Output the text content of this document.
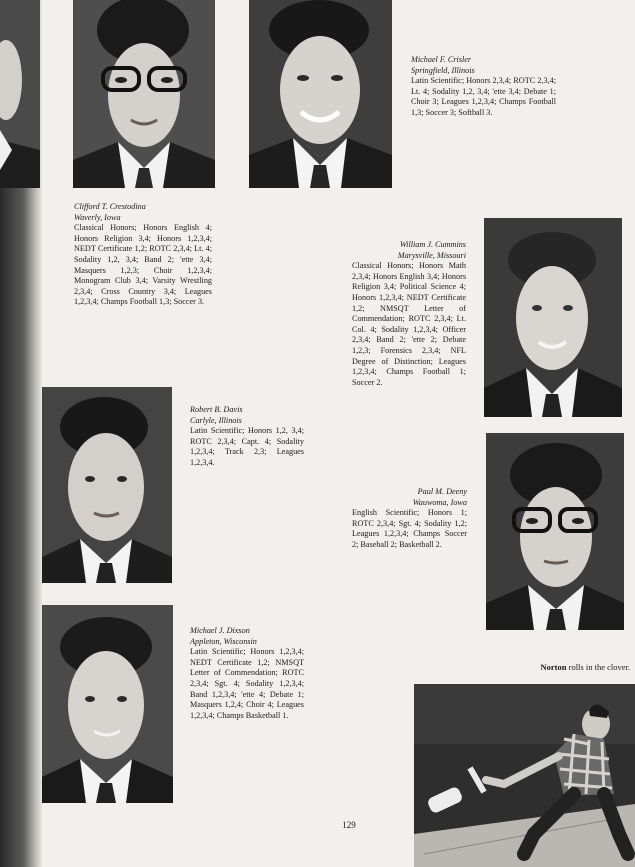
Michael F. Crisler
Springfield, Illinois
Latin Scientific; Honors 2,3,4; ROTC 2,3,4; Lt. 4; Sodality 1,2, 3,4; 'ette 3,4; Debate 1; Choir 3; Leagues 1,2,3,4; Champs Football 1,3; Soccer 3; Softball 3.
Clifford T. Crestodina
Waverly, Iowa
Classical Honors; Honors English 4; Honors Religion 3,4; Honors 1,2,3,4; NEDT Certificate 1,2; ROTC 2,3,4; Lt. 4; Sodality 1,2, 3,4; Band 2; 'ette 3,4; Masquers 1,2,3; Choir 1,2,3,4; Monogram Club 3,4; Varsity Wrestling 2,3,4; Cross Country 3,4; Leagues 1,2,3,4; Champs Football 1,3; Soccer 3.
William J. Cummins
Marysville, Missouri
Classical Honors; Honors Math 2,3,4; Honors English 3,4; Honors Religion 3,4; Political Science 4; Honors 1,2,3,4; NEDT Certificate 1,2; NMSQT Letter of Commendation; ROTC 2,3,4; Lt. Col. 4; Sodality 1,2,3,4; Officer 2,3,4; Band 2; 'ette 2; Debate 1,2,3; Forensics 2,3,4; NFL Degree of Distinction; Leagues 1,2,3,4; Champs Football 1; Soccer 2.
Robert B. Davis
Carlyle, Illinois
Latin Scientific; Honors 1,2, 3,4; ROTC 2,3,4; Capt. 4; Sodality 1,2,3,4; Track 2,3; Leagues 1,2,3,4.
Paul M. Deeny
Wauwoma, Iowa
English Scientific; Honors 1; ROTC 2,3,4; Sgt. 4; Sodality 1,2; Leagues 1,2,3,4; Champs Soccer 2; Baseball 2; Basketball 2.
Michael J. Dixson
Appleton, Wisconsin
Latin Scientific; Honors 1,2,3,4; NEDT Certificate 1,2; NMSQT Letter of Commendation; ROTC 2,3,4; Sgt. 4; Sodality 1,2,3,4; Band 1,2,3,4; 'ette 4; Debate 1; Masquers 1,2,4; Choir 4; Leagues 1,2,3,4; Champs Basketball 1.
Norton rolls in the clover.
129
